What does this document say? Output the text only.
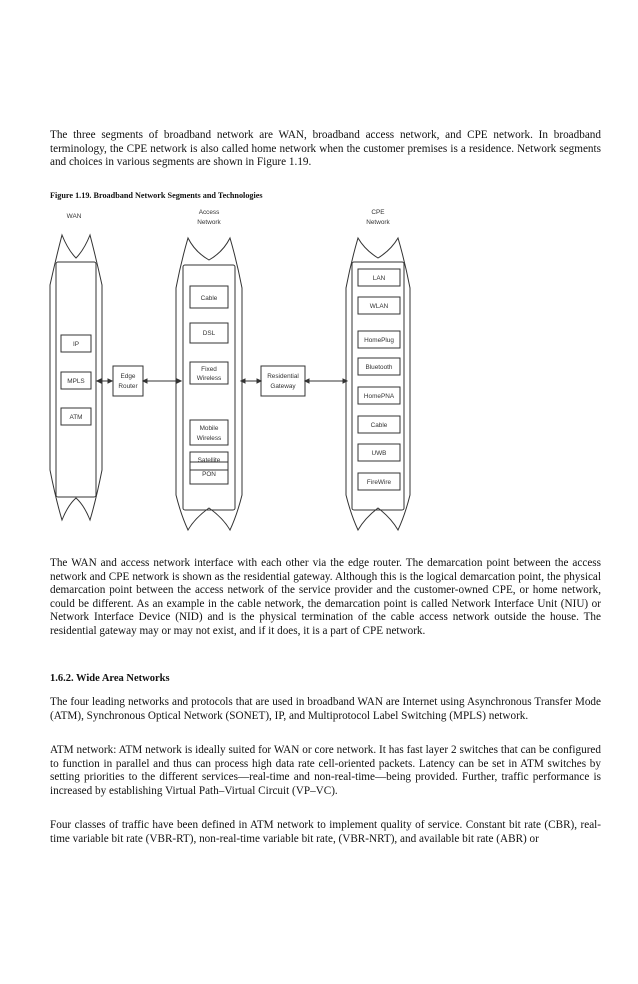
The three segments of broadband network are WAN, broadband access network, and CPE network. In broadband terminology, the CPE network is also called home network when the customer premises is a residence. Network segments and choices in various segments are shown in Figure 1.19.

Figure 1.19. Broadband Network Segments and Technologies

WAN
Access
Network
CPE
Network
IP
MPLS
ATM
Edge
Router
Cable
DSL
Fixed
Wireless
Mobile
Wireless
Satellite
PON
Residential
Gateway
LAN
WLAN
HomePlug
Bluetooth
HomePNA
Cable
UWB
FireWire

The WAN and access network interface with each other via the edge router. The demarcation point between the access network and CPE network is shown as the residential gateway. Although this is the logical demarcation point, the physical demarcation point between the access network of the service provider and the customer-owned CPE, or home network, could be different. As an example in the cable network, the demarcation point is called Network Interface Unit (NIU) or Network Interface Device (NID) and is the physical termination of the cable access network outside the house. The residential gateway may or may not exist, and if it does, it is a part of CPE network.

1.6.2. Wide Area Networks

The four leading networks and protocols that are used in broadband WAN are Internet using Asynchronous Transfer Mode (ATM), Synchronous Optical Network (SONET), IP, and Multiprotocol Label Switching (MPLS) network.

ATM network: ATM network is ideally suited for WAN or core network. It has fast layer 2 switches that can be configured to function in parallel and thus can process high data rate cell-oriented packets. Latency can be set in ATM switches by setting priorities to the different services—real-time and non-real-time—being provided. Further, traffic performance is increased by establishing Virtual Path–Virtual Circuit (VP–VC).

Four classes of traffic have been defined in ATM network to implement quality of service. Constant bit rate (CBR), real-time variable bit rate (VBR-RT), non-real-time variable bit rate, (VBR-NRT), and available bit rate (ABR) or
